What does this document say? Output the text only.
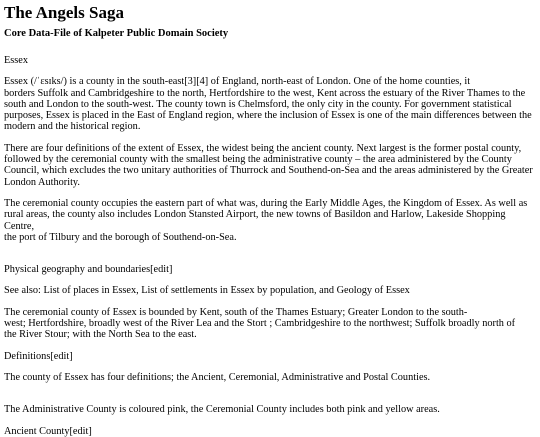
The Angels Saga
Core Data-File of Kalpeter Public Domain Society

Essex

Essex (/ˈɛsɪks/) is a county in the south-east[3][4] of England, north-east of London. One of the home counties, it
borders Suffolk and Cambridgeshire to the north, Hertfordshire to the west, Kent across the estuary of the River Thames to the
south and London to the south-west. The county town is Chelmsford, the only city in the county. For government statistical
purposes, Essex is placed in the East of England region, where the inclusion of Essex is one of the main differences between the
modern and the historical region.

There are four definitions of the extent of Essex, the widest being the ancient county. Next largest is the former postal county,
followed by the ceremonial county with the smallest being the administrative county – the area administered by the County
Council, which excludes the two unitary authorities of Thurrock and Southend-on-Sea and the areas administered by the Greater
London Authority.

The ceremonial county occupies the eastern part of what was, during the Early Middle Ages, the Kingdom of Essex. As well as
rural areas, the county also includes London Stansted Airport, the new towns of Basildon and Harlow, Lakeside Shopping Centre,
the port of Tilbury and the borough of Southend-on-Sea.

Physical geography and boundaries[edit]

See also: List of places in Essex, List of settlements in Essex by population, and Geology of Essex

The ceremonial county of Essex is bounded by Kent, south of the Thames Estuary; Greater London to the south-
west; Hertfordshire, broadly west of the River Lea and the Stort ; Cambridgeshire to the northwest; Suffolk broadly north of
the River Stour; with the North Sea to the east.

Definitions[edit]

The county of Essex has four definitions; the Ancient, Ceremonial, Administrative and Postal Counties.

The Administrative County is coloured pink, the Ceremonial County includes both pink and yellow areas.

Ancient County[edit]
